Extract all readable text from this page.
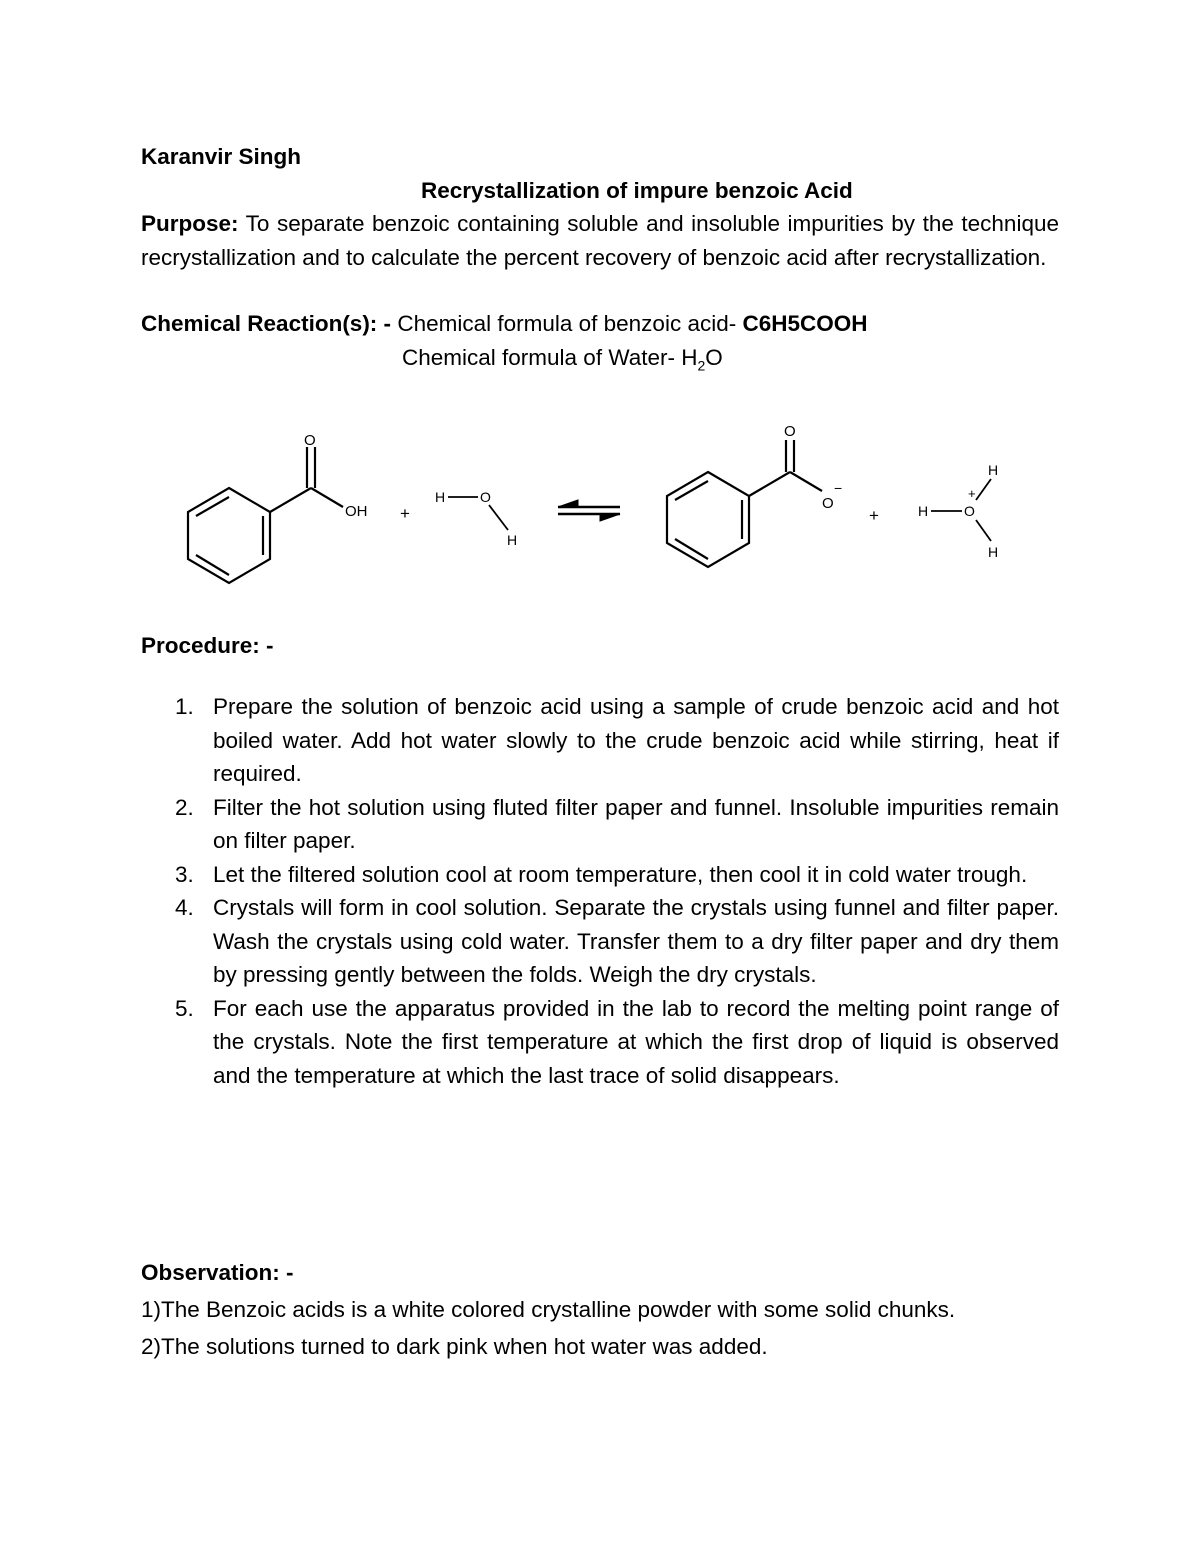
Karanvir Singh

Recrystallization of impure benzoic Acid

Purpose: To separate benzoic containing soluble and insoluble impurities by the technique recrystallization and to calculate the percent recovery of benzoic acid after recrystallization.

Chemical Reaction(s): - Chemical formula of benzoic acid- C6H5COOH

Chemical formula of Water- $H_2O$

O
OH +
H O
H
O
O
−
+
H
H	O
+
H
Procedure: -
1. Prepare the solution of benzoic acid using a sample of crude benzoic acid and hot boiled water. Add hot water slowly to the crude benzoic acid while stirring, heat if required.
2. Filter the hot solution using fluted filter paper and funnel. Insoluble impurities remain on filter paper.
3. Let the filtered solution cool at room temperature, then cool it in cold water trough.
4. Crystals will form in cool solution. Separate the crystals using funnel and filter paper. Wash the crystals using cold water. Transfer them to a dry filter paper and dry them by pressing gently between the folds. Weigh the dry crystals.
5. For each use the apparatus provided in the lab to record the melting point range of the crystals. Note the first temperature at which the first drop of liquid is observed and the temperature at which the last trace of solid disappears.

Observation: -

1)The Benzoic acids is a white colored crystalline powder with some solid chunks.

2)The solutions turned to dark pink when hot water was added.
